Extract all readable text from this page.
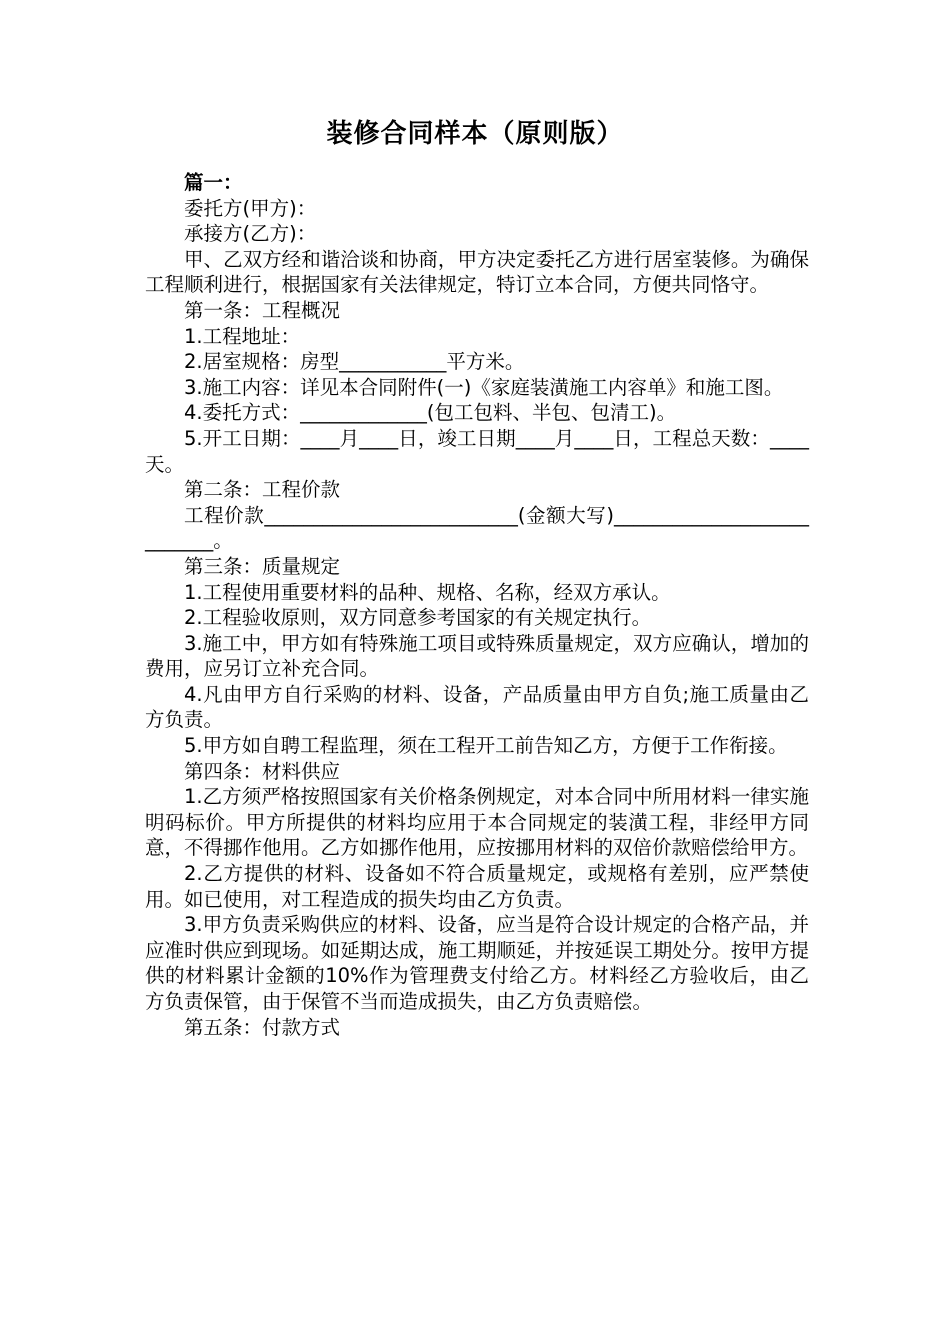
装修合同样本（原则版）

篇一：

委托方(甲方)：

承接方(乙方)：

甲、乙双方经和谐洽谈和协商，甲方决定委托乙方进行居室装修。为确保工程顺利进行，根据国家有关法律规定，特订立本合同，方便共同恪守。

第一条：工程概况

1.工程地址：

2.居室规格：房型___________平方米。

3.施工内容：详见本合同附件(一)《家庭装潢施工内容单》和施工图。

4.委托方式：_____________(包工包料、半包、包清工)。

5.开工日期：____月____日，竣工日期____月____日，工程总天数：____天。

第二条：工程价款

工程价款__________________________(金额大写)___________________________。

第三条：质量规定

1.工程使用重要材料的品种、规格、名称，经双方承认。

2.工程验收原则，双方同意参考国家的有关规定执行。

3.施工中，甲方如有特殊施工项目或特殊质量规定，双方应确认，增加的费用，应另订立补充合同。

4.凡由甲方自行采购的材料、设备，产品质量由甲方自负;施工质量由乙方负责。

5.甲方如自聘工程监理，须在工程开工前告知乙方，方便于工作衔接。

第四条：材料供应

1.乙方须严格按照国家有关价格条例规定，对本合同中所用材料一律实施明码标价。甲方所提供的材料均应用于本合同规定的装潢工程，非经甲方同意，不得挪作他用。乙方如挪作他用，应按挪用材料的双倍价款赔偿给甲方。

2.乙方提供的材料、设备如不符合质量规定，或规格有差别，应严禁使用。如已使用，对工程造成的损失均由乙方负责。

3.甲方负责采购供应的材料、设备，应当是符合设计规定的合格产品，并应准时供应到现场。如延期达成，施工期顺延，并按延误工期处分。按甲方提供的材料累计金额的10%作为管理费支付给乙方。材料经乙方验收后，由乙方负责保管，由于保管不当而造成损失，由乙方负责赔偿。

第五条：付款方式
